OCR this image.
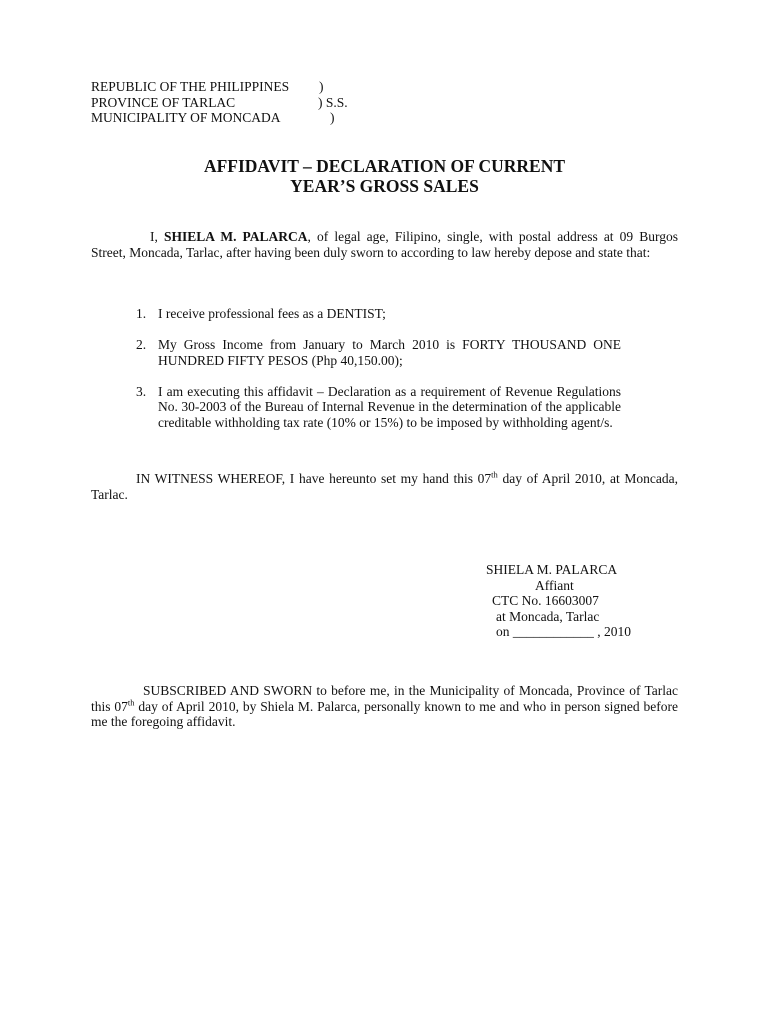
REPUBLIC OF THE PHILIPPINES )
PROVINCE OF TARLAC	) S.S.
MUNICIPALITY OF MONCADA	)
AFFIDAVIT – DECLARATION OF CURRENT
YEAR’S GROSS SALES

I, SHIELA M. PALARCA, of legal age, Filipino, single, with postal address at 09 Burgos Street, Moncada, Tarlac, after having been duly sworn to according to law hereby depose and state that:

1. I receive professional fees as a DENTIST;
2. My Gross Income from January to March 2010 is FORTY THOUSAND ONE HUNDRED FIFTY PESOS (Php 40,150.00);
3. I am executing this affidavit – Declaration as a requirement of Revenue Regulations No. 30-2003 of the Bureau of Internal Revenue in the determination of the applicable creditable withholding tax rate (10% or 15%) to be imposed by withholding agent/s.

IN WITNESS WHEREOF, I have hereunto set my hand this 07th day of April 2010, at Moncada, Tarlac.

SHIELA M. PALARCA
Affiant
CTC No. 16603007
at Moncada, Tarlac
on ____________ , 2010

SUBSCRIBED AND SWORN to before me, in the Municipality of Moncada, Province of Tarlac this 07th day of April 2010, by Shiela M. Palarca, personally known to me and who in person signed before me the foregoing affidavit.
